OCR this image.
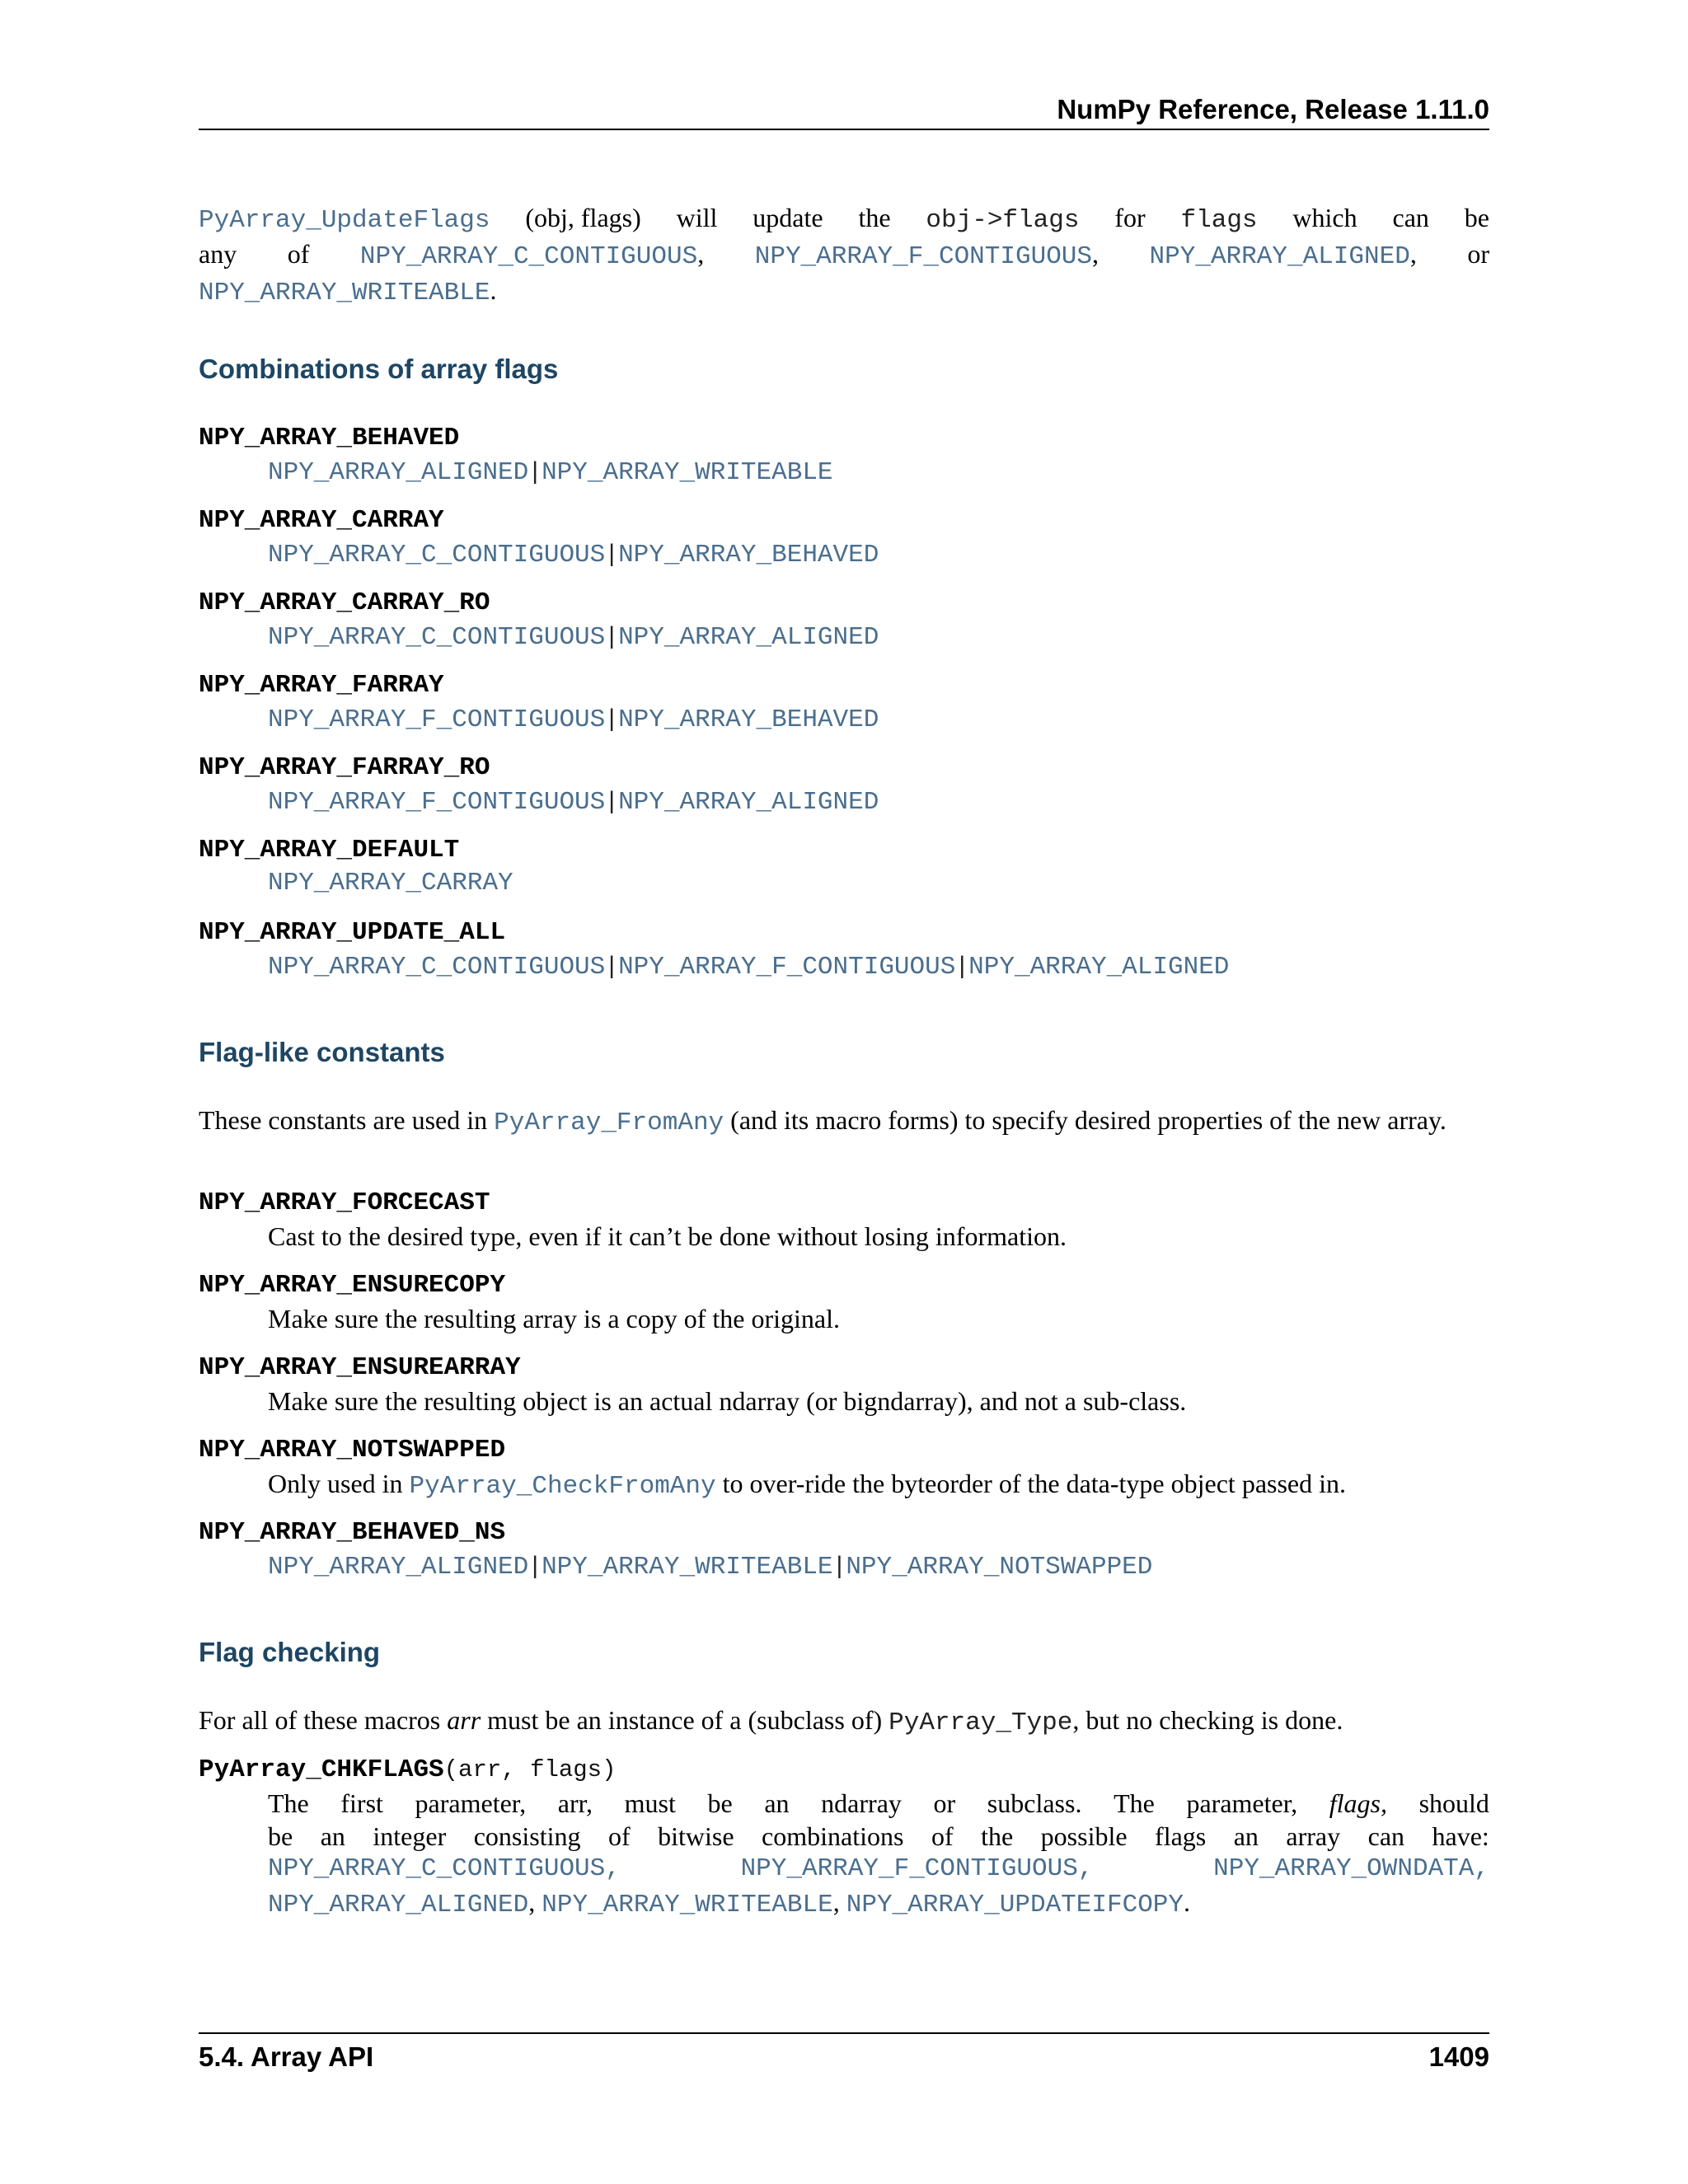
NumPy Reference, Release 1.11.0
PyArray_UpdateFlags (obj, flags) will update the obj->flags for flags which can be
any of NPY_ARRAY_C_CONTIGUOUS, NPY_ARRAY_F_CONTIGUOUS, NPY_ARRAY_ALIGNED, or
NPY_ARRAY_WRITEABLE.
Combinations of array flags
NPY_ARRAY_BEHAVED
NPY_ARRAY_ALIGNED | NPY_ARRAY_WRITEABLE
NPY_ARRAY_CARRAY
NPY_ARRAY_C_CONTIGUOUS | NPY_ARRAY_BEHAVED
NPY_ARRAY_CARRAY_RO
NPY_ARRAY_C_CONTIGUOUS | NPY_ARRAY_ALIGNED
NPY_ARRAY_FARRAY
NPY_ARRAY_F_CONTIGUOUS | NPY_ARRAY_BEHAVED
NPY_ARRAY_FARRAY_RO
NPY_ARRAY_F_CONTIGUOUS | NPY_ARRAY_ALIGNED
NPY_ARRAY_DEFAULT
NPY_ARRAY_CARRAY
NPY_ARRAY_UPDATE_ALL
NPY_ARRAY_C_CONTIGUOUS | NPY_ARRAY_F_CONTIGUOUS | NPY_ARRAY_ALIGNED
Flag-like constants
These constants are used in PyArray_FromAny (and its macro forms) to specify desired properties of the new array.
NPY_ARRAY_FORCECAST
Cast to the desired type, even if it can’t be done without losing information.
NPY_ARRAY_ENSURECOPY
Make sure the resulting array is a copy of the original.
NPY_ARRAY_ENSUREARRAY
Make sure the resulting object is an actual ndarray (or bigndarray), and not a sub-class.
NPY_ARRAY_NOTSWAPPED
Only used in PyArray_CheckFromAny to over-ride the byteorder of the data-type object passed in.
NPY_ARRAY_BEHAVED_NS
NPY_ARRAY_ALIGNED | NPY_ARRAY_WRITEABLE | NPY_ARRAY_NOTSWAPPED
Flag checking
For all of these macros arr must be an instance of a (subclass of) PyArray_Type, but no checking is done.
PyArray_CHKFLAGS(arr, flags)
The first parameter, arr, must be an ndarray or subclass. The parameter, flags, should
be an integer consisting of bitwise combinations of the possible flags an array can have:
NPY_ARRAY_C_CONTIGUOUS,	NPY_ARRAY_F_CONTIGUOUS,	NPY_ARRAY_OWNDATA,
NPY_ARRAY_ALIGNED, NPY_ARRAY_WRITEABLE, NPY_ARRAY_UPDATEIFCOPY.
5.4. Array API	1409
